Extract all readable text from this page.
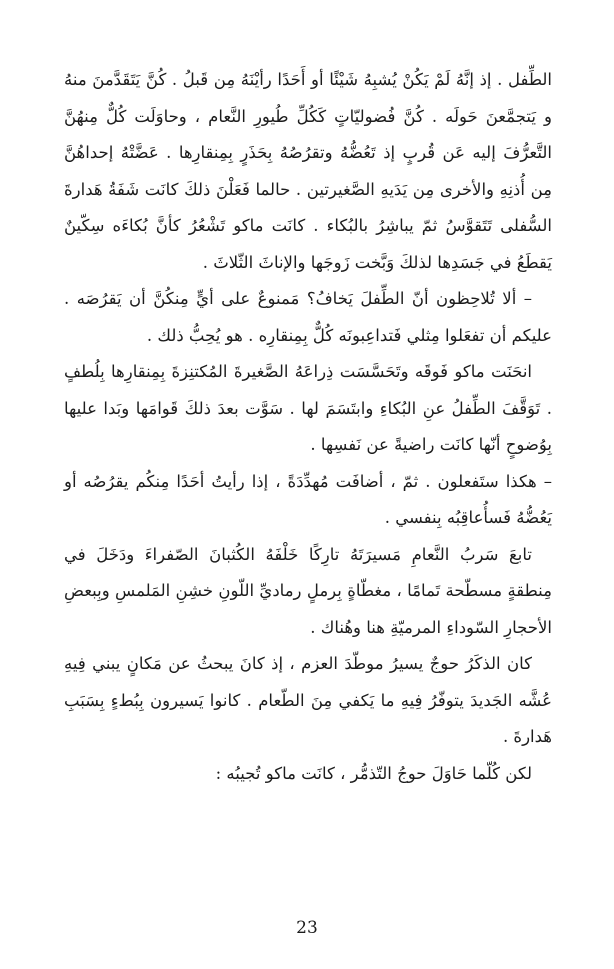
الطِّفل . إذ إنَّهُ لَمْ يَكُنْ يُشبِهُ شَيْئًا أو أَحَدًا رأيْنَهُ مِن قَبلُ . كُنَّ يَتَقَدَّمنَ منهُ و يَتجمَّعنَ حَولَه . كُنَّ فُضوليّاتٍ كَكُلِّ طُيورِ النَّعام ، وحاوَلَت كُلٌّ مِنهُنَّ التَّعرُّفَ إليه عَن قُربٍ إذ تَعُضُّهُ وتقرُصُهُ بِحَذَرٍ بِمِنقارِها . عَضَّتْهُ إحداهُنَّ مِن أُذنِهِ والأخرى مِن يَدَيهِ الصَّغيرتين . حالما فَعَلْنَ ذلكَ كانَت شَفَةُ هَدارةَ السُّفلى تَتَقوَّسُ ثمّ يباشِرُ بالبُكاء . كانَت ماكو تَشْعُرُ كأنَّ بُكاءَه سِكّينٌ يَقطَعُ في جَسَدِها لذلكَ وَبَّخت زَوجَها والإناثَ الثّلاثَ .

– ألا تُلاحِظون أنّ الطِّفلَ يَخافُ؟ مَمنوعٌ على أيٍّ مِنكُنَّ أن يَقرُصَه . عليكم أن تفعَلوا مِثلي فَتداعِبونَه كُلٌّ بِمِنقارِه . هو يُحِبُّ ذلك .

انحَنَت ماكو فَوقَه وتَحَسَّسَت ذِراعَهُ الصَّغيرةَ المُكتنِزةَ بِمِنقارِها بِلُطفٍ . تَوَقَّفَ الطِّفلُ عنِ البُكاءِ وابتَسَمَ لها . سَوَّت بعدَ ذلكَ قَوامَها وبَدا عليها بِوُضوحٍ أنّها كانَت راضيةً عن نَفسِها .

– هكذا ستَفعلون . ثمّ ، أضافَت مُهدِّدَةً ، إذا رأيتُ أحَدًا مِنكُم يقرُصُه أو يَعُضُّهُ فَسأُعاقِبُه بِنفسي .

تابعَ سَربُ النَّعامِ مَسيرَتَهُ تارِكًا خَلْفَهُ الكُثبانَ الصّفراءَ ودَخَلَ في مِنطقةٍ مسطّحة تَمامًا ، مغطّاةٍ بِرملٍ رماديِّ اللّونِ خشِنِ المَلمسِ وبِبعضِ الأحجارِ السّوداءِ المرميّةِ هنا وهُناك .

كان الذكَرُ حوجٌ يسيرُ موطّدَ العزم ، إذ كانَ يبحثُ عن مَكانٍ يبني فِيهِ عُشَّه الجَديدَ يتوفّرُ فِيهِ ما يَكفي مِنَ الطّعام . كانوا يَسيرون بِبُطءٍ بِسَبَبِ هَدارةَ .

لكن كُلّما حَاوَلَ حوجُ التّذمُّر ، كانَت ماكو تُجيبُه :

23
